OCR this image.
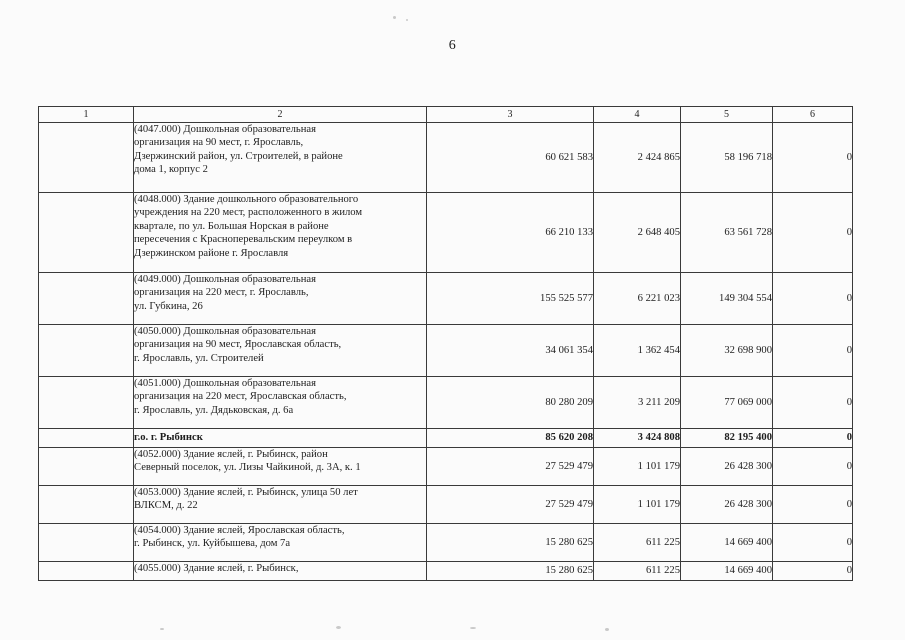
6
1	2	3	4	5	6

	(4047.000) Дошкольная образовательная
организация на 90 мест, г. Ярославль,
Дзержинский район, ул. Строителей, в районе
дома 1, корпус 2	60 621 583	2 424 865	58 196 718	0

	(4048.000) Здание дошкольного образовательного
учреждения на 220 мест, расположенного в жилом
квартале, по ул. Большая Норская в районе
пересечения с Красноперевальским переулком в
Дзержинском районе г. Ярославля	66 210 133	2 648 405	63 561 728	0

	(4049.000) Дошкольная образовательная
организация на 220 мест, г. Ярославль,
ул. Губкина, 26	155 525 577	6 221 023	149 304 554	0

	(4050.000) Дошкольная образовательная
организация на 90 мест, Ярославская область,
г. Ярославль, ул. Строителей	34 061 354	1 362 454	32 698 900	0

	(4051.000) Дошкольная образовательная
организация на 220 мест, Ярославская область,
г. Ярославль, ул. Дядьковская, д. 6а	80 280 209	3 211 209	77 069 000	0

	г.о. г. Рыбинск	85 620 208	3 424 808	82 195 400	0

	(4052.000) Здание яслей, г. Рыбинск, район
Северный поселок, ул. Лизы Чайкиной, д. 3А, к. 1	27 529 479	1 101 179	26 428 300	0

	(4053.000) Здание яслей, г. Рыбинск, улица 50 лет
ВЛКСМ, д. 22	27 529 479	1 101 179	26 428 300	0

	(4054.000) Здание яслей, Ярославская область,
г. Рыбинск, ул. Куйбышева, дом 7а	15 280 625	611 225	14 669 400	0

	(4055.000) Здание яслей, г. Рыбинск,	15 280 625	611 225	14 669 400	0
